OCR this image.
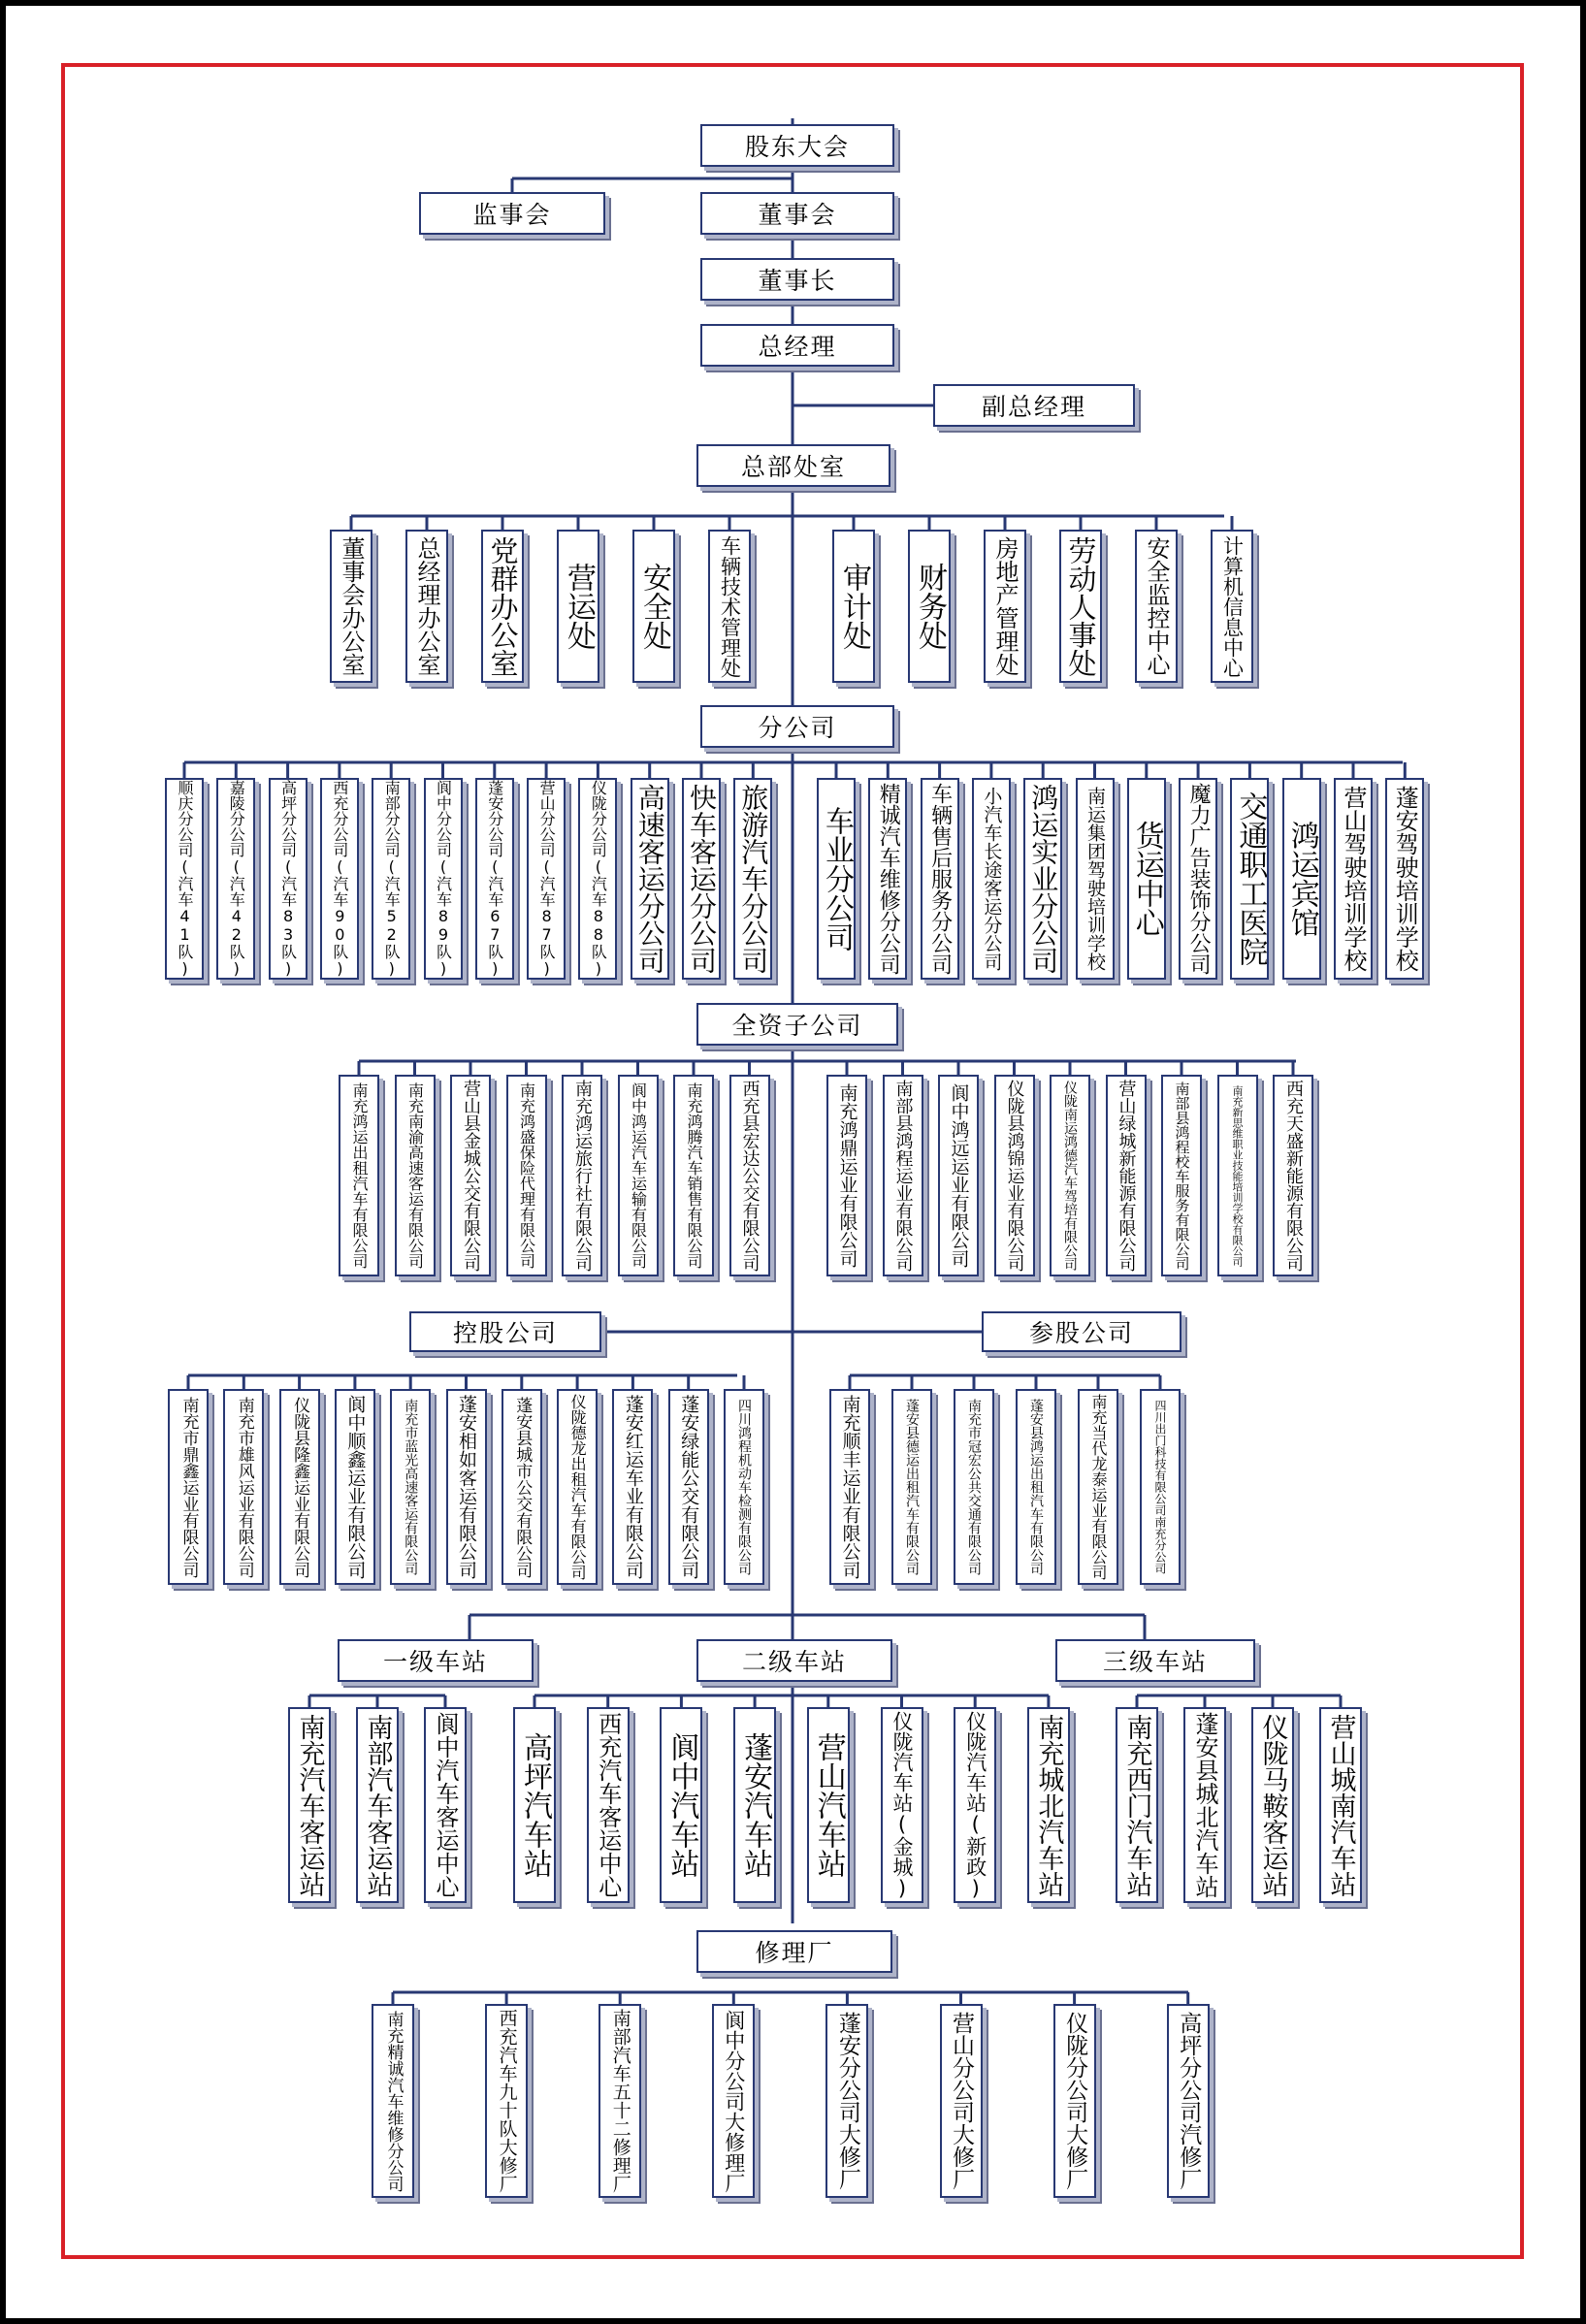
股东大会
监事会	董事会
董事长
总经理
副总经理
总部处室
董事会办公室 总经理办公室 党群办公室 营运处 安全处 车辆技术管理处	审计处 财务处 房地产管理处 劳动人事处 安全监控中心	计算机信息中心
分公司
顺庆分公司(汽车41队) 嘉陵分公司(汽车42队) 高坪分公司(汽车83队) 西充分公司(汽车90队) 南部分公司(汽车52队) 阆中分公司(汽车89队) 蓬安分公司(汽车67队) 营山分公司(汽车87队) 仪陇分公司(汽车88队) 高速客运分公司 快车客运分公司 旅游汽车分公司 车业分公司 精诚汽车维修分公司 车辆售后服务分公司 小汽车长途客运分公司 鸿运实业分公司 南运集团驾驶培训学校 货运中心 魔力广告装饰分公司 交通职工医院 鸿运宾馆 营山驾驶培训学校 蓬安驾驶培训学校
全资子公司
南充鸿运出租汽车有限公司 南充南渝高速客运有限公司 营山县金城公交有限公司 南充鸿盛保险代理有限公司 南充鸿运旅行社有限公司 阆中鸿运汽车运输有限公司 南充鸿腾汽车销售有限公司 西充县宏达公交有限公司	南充鸿鼎运业有限公司 南部县鸿程运业有限公司 阆中鸿远运业有限公司 仪陇县鸿锦运业有限公司	仪陇南运鸿德汽车驾培有限公司 营山绿城新能源有限公司	南部县鸿程校车服务有限公司	南充新思维职业技能培训学校有限公司 西充天盛新能源有限公司
控股公司	参股公司
南充市鼎鑫运业有限公司 南充市雄风运业有限公司 仪陇县隆鑫运业有限公司 阆中顺鑫运业有限公司	南充市蓝光高速客运有限公司 蓬安相如客运有限公司 蓬安县城市公交有限公司 仪陇德龙出租汽车有限公司 蓬安红运车业有限公司 蓬安绿能公交有限公司	四川鸿程机动车检测有限公司	南充顺丰运业有限公司	蓬安县德运出租汽车有限公司	南充市冠宏公共交通有限公司	蓬安县鸿运出租汽车有限公司	南充当代龙泰运业有限公司	四川出门科技有限公司南充分公司
一级车站	二级车站	三级车站
南充汽车客运站 南部汽车客运站 阆中汽车客运中心 高坪汽车站 西充汽车客运中心 阆中汽车站 蓬安汽车站 营山汽车站 仪陇汽车站(金城) 仪陇汽车站(新政) 南充城北汽车站 南充西门汽车站 蓬安县城北汽车站 仪陇马鞍客运站 营山城南汽车站
修理厂
南充精诚汽车维修分公司	西充汽车九十队大修厂	南部汽车五十二修理厂	阆中分公司大修理厂	蓬安分公司大修厂	营山分公司大修厂	仪陇分公司大修厂	高坪分公司汽修厂
